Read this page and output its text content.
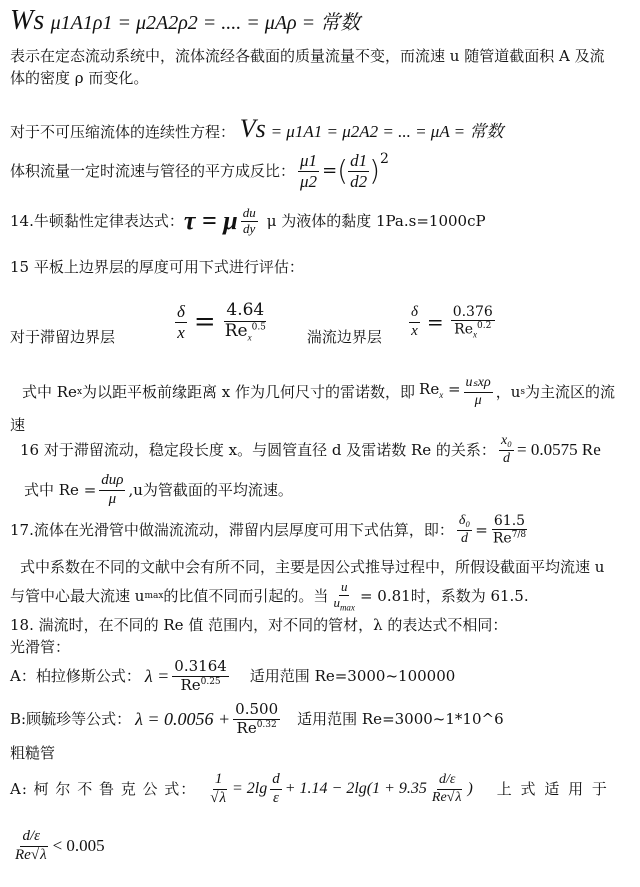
Ws μ1A1ρ1 = μ2A2ρ2 = .... = μAρ = 常数
表示在定态流动系统中，流体流经各截面的质量流量不变，而流速 u 随管道截面积 A 及流
体的密度 ρ 而变化。
对于不可压缩流体的连续性方程： Vs = μ1A1 = μ2A2 = ... = μA = 常数
体积流量一定时流速与管径的平方成反比： $\frac{\mu 1}{\mu 2}$ = ( $\frac{d1}{d2}$ ) 2
14.牛顿黏性定律表达式： τ = μ $\frac{du}{dy}$ μ 为液体的黏度 1Pa.s=1000cP
15 平板上边界层的厚度可用下式进行评估：
对于滞留边界层	$\frac{\delta}{x} = \frac{4.64}{Re_x^{0.5}}$	湍流边界层 $\frac{\delta}{x} = \frac{0.376}{Re_x^{0.2}}$
式中 Re x 为以距平板前缘距离 x 作为几何尺寸的雷诺数，即 $Re_x = \frac{\text{uₛxρ}}{\mu}$ ，u s 为主流区的流
速
16 对于滞留流动，稳定段长度 x。与圆管直径 d 及雷诺数 Re 的关系： $\frac{\text{x₀}}{d} = 0.0575$ Re
式中 $Re = \frac{\text{duρ}}{\mu} ,u$为管截面的平均流速。
17.流体在光滑管中做湍流流动，滞留内层厚度可用下式估算，即： $\frac{\text{δ₀}}{d} = \frac{61.5}{Re^{7/8}}$
式中系数在不同的文献中会有所不同，主要是因公式推导过程中，所假设截面平均流速 u
与管中心最大流速 u max 的比值不同而引起的。当 $\frac{u}{u_{max}} = 0.81$ 时，系数为 61.5.
18. 湍流时，在不同的 Re 值 范围内，对不同的管材，λ 的表达式不相同：
光滑管：
A：柏拉修斯公式： $\lambda = \frac{0.3164}{Re^{0.25}}$ 适用范围 Re=3000~100000
B:顾毓珍等公式： $\lambda = 0.0056 + \frac{0.500}{Re^{0.32}}$ 适用范围 Re=3000~1*10^6
粗糙管
A: 柯 尔 不 鲁 克 公 式： $\frac{1}{√\lambda} = 2\lg \frac{d}{\varepsilon} + 1.14 - 2\lg(1 + 9.35 \frac{d/\varepsilon}{Re√\lambda}$ ) 上 式 适 用 于
$\frac{d/\varepsilon}{Re√\lambda} < 0.005$
